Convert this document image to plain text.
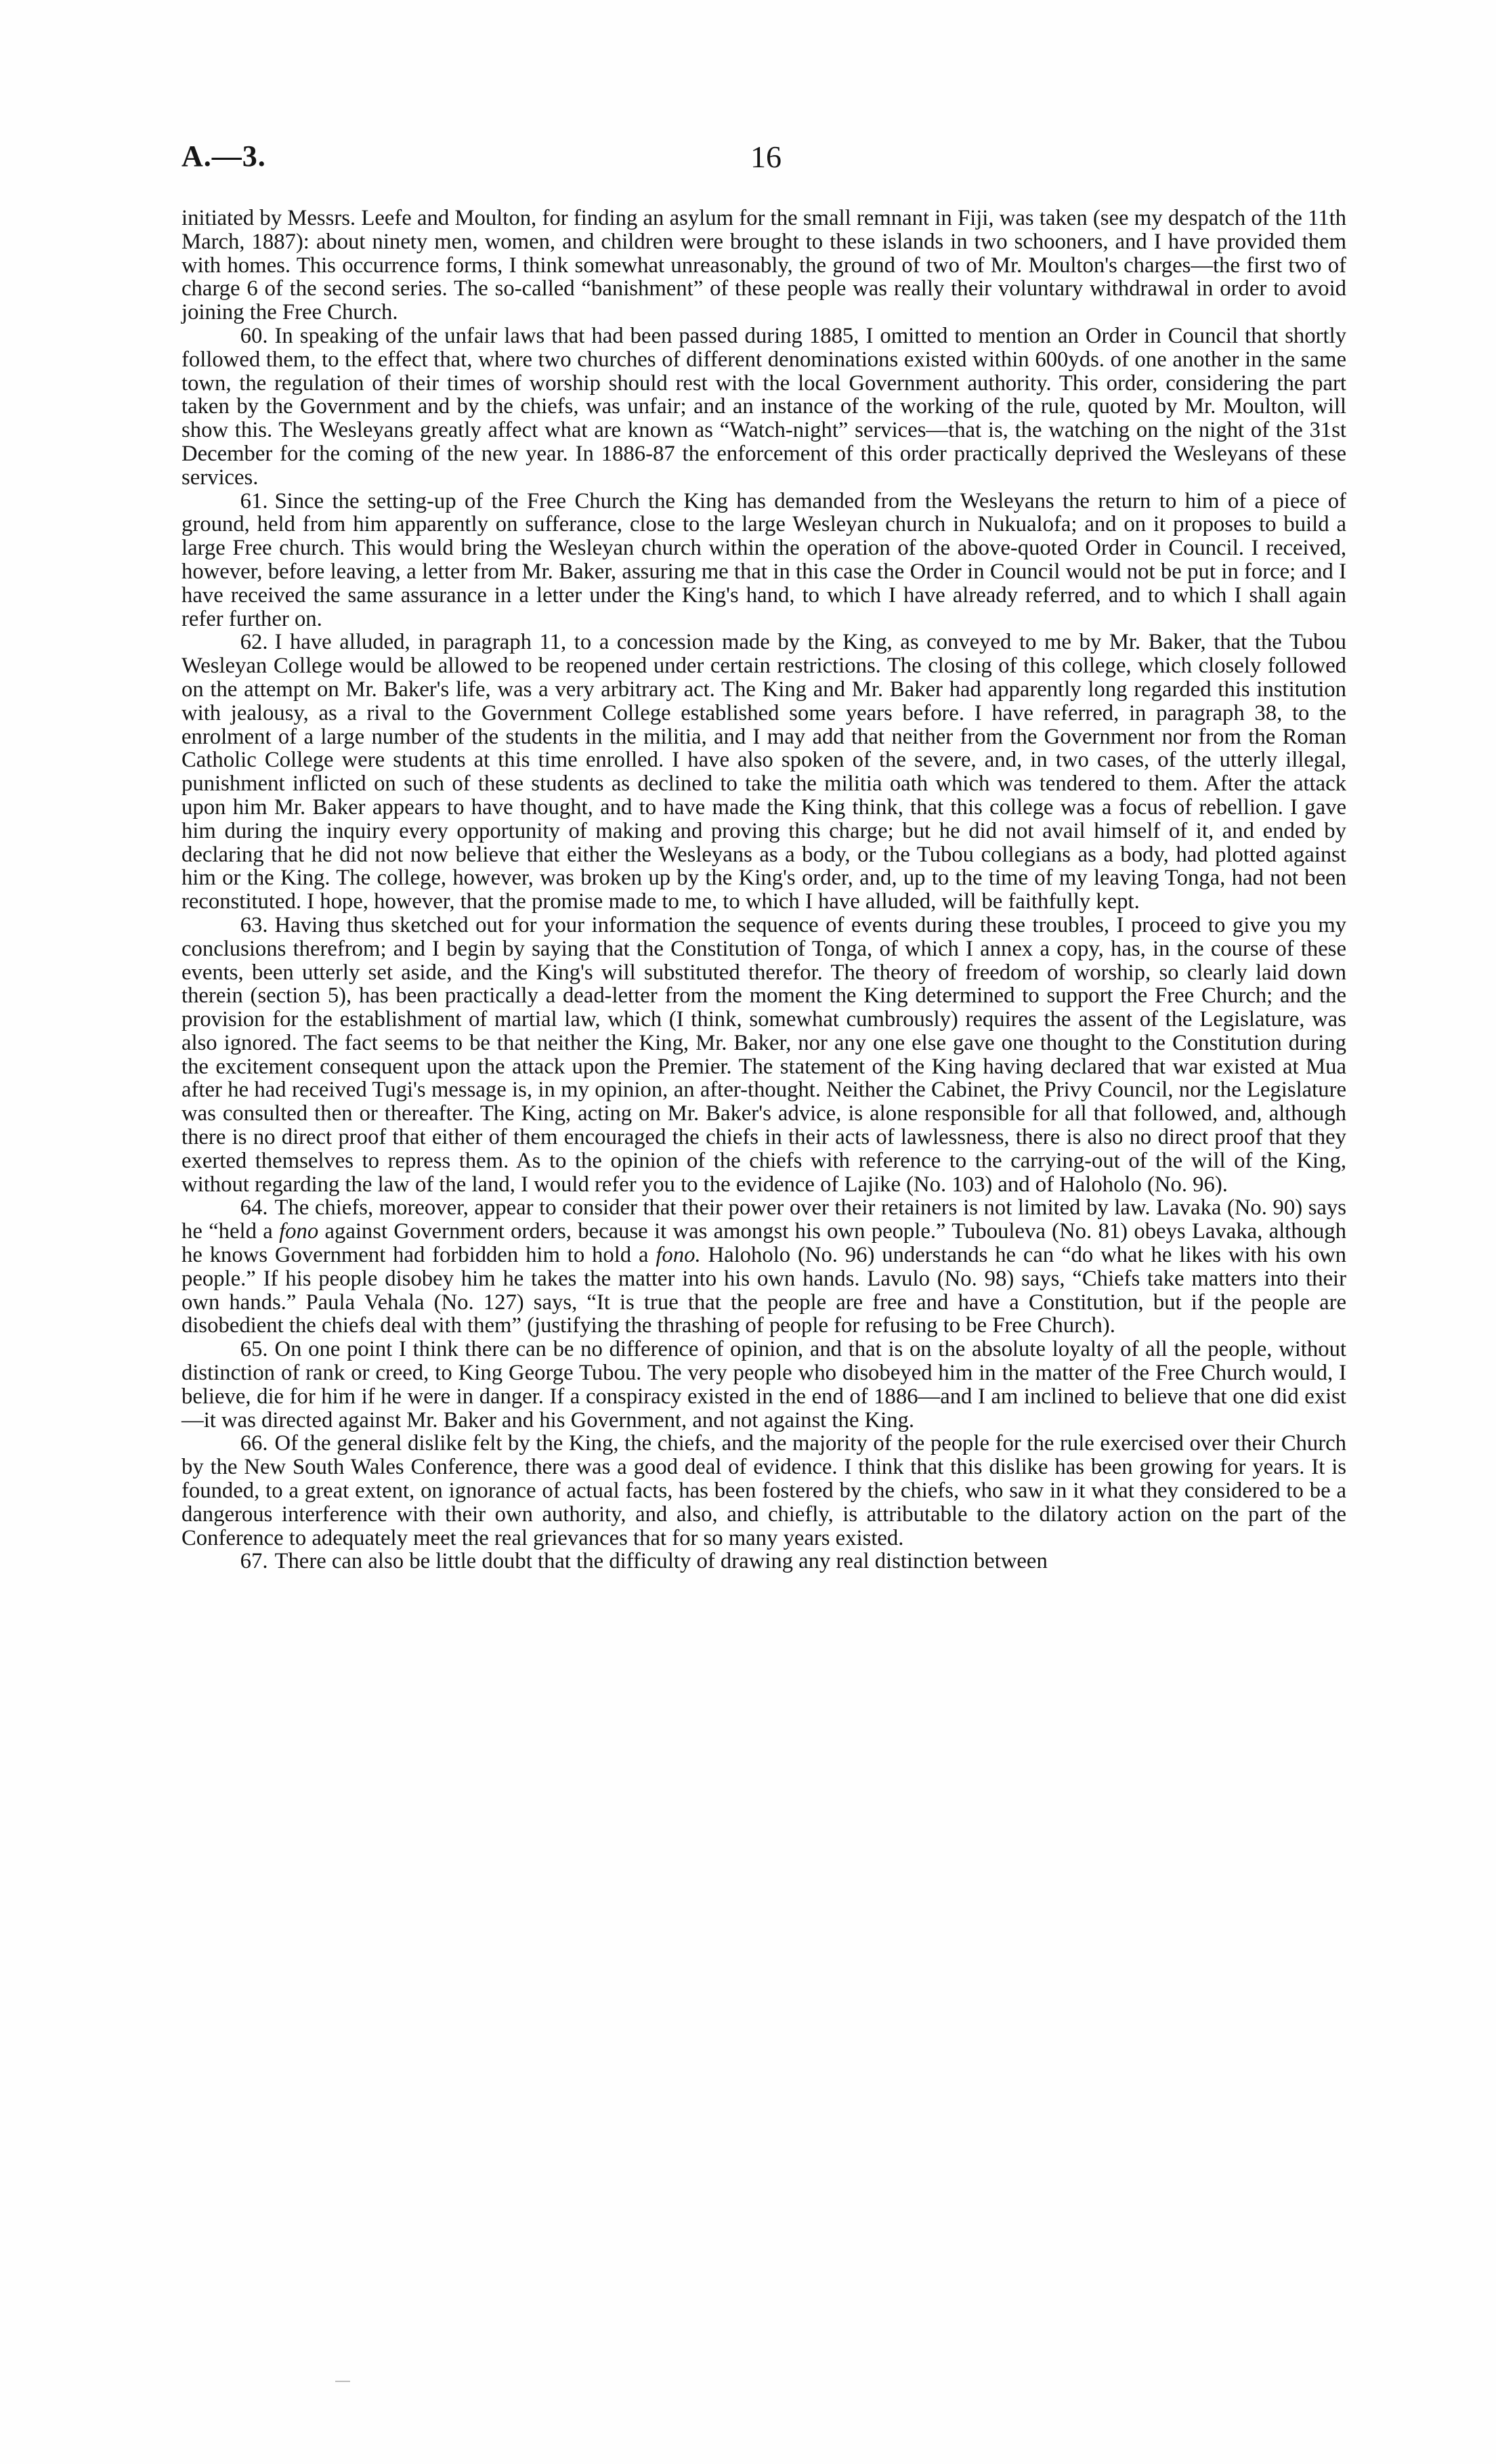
A.—3.	16

initiated by Messrs. Leefe and Moulton, for finding an asylum for the small remnant in Fiji, was taken (see my despatch of the 11th March, 1887): about ninety men, women, and children were brought to these islands in two schooners, and I have provided them with homes. This occurrence forms, I think somewhat unreasonably, the ground of two of Mr. Moulton's charges—the first two of charge 6 of the second series. The so-called “banishment” of these people was really their voluntary withdrawal in order to avoid joining the Free Church.

60. In speaking of the unfair laws that had been passed during 1885, I omitted to mention an Order in Council that shortly followed them, to the effect that, where two churches of different denominations existed within 600yds. of one another in the same town, the regulation of their times of worship should rest with the local Government authority. This order, considering the part taken by the Government and by the chiefs, was unfair; and an instance of the working of the rule, quoted by Mr. Moulton, will show this. The Wesleyans greatly affect what are known as “Watch-night” services—that is, the watching on the night of the 31st December for the coming of the new year. In 1886-87 the enforcement of this order practically deprived the Wesleyans of these services.

61. Since the setting-up of the Free Church the King has demanded from the Wesleyans the return to him of a piece of ground, held from him apparently on sufferance, close to the large Wesleyan church in Nukualofa; and on it proposes to build a large Free church. This would bring the Wesleyan church within the operation of the above-quoted Order in Council. I received, however, before leaving, a letter from Mr. Baker, assuring me that in this case the Order in Council would not be put in force; and I have received the same assurance in a letter under the King's hand, to which I have already referred, and to which I shall again refer further on.

62. I have alluded, in paragraph 11, to a concession made by the King, as conveyed to me by Mr. Baker, that the Tubou Wesleyan College would be allowed to be reopened under certain restrictions. The closing of this college, which closely followed on the attempt on Mr. Baker's life, was a very arbitrary act. The King and Mr. Baker had apparently long regarded this institution with jealousy, as a rival to the Government College established some years before. I have referred, in paragraph 38, to the enrolment of a large number of the students in the militia, and I may add that neither from the Government nor from the Roman Catholic College were students at this time enrolled. I have also spoken of the severe, and, in two cases, of the utterly illegal, punishment inflicted on such of these students as declined to take the militia oath which was tendered to them. After the attack upon him Mr. Baker appears to have thought, and to have made the King think, that this college was a focus of rebellion. I gave him during the inquiry every opportunity of making and proving this charge; but he did not avail himself of it, and ended by declaring that he did not now believe that either the Wesleyans as a body, or the Tubou collegians as a body, had plotted against him or the King. The college, however, was broken up by the King's order, and, up to the time of my leaving Tonga, had not been reconstituted. I hope, however, that the promise made to me, to which I have alluded, will be faithfully kept.

63. Having thus sketched out for your information the sequence of events during these troubles, I proceed to give you my conclusions therefrom; and I begin by saying that the Constitution of Tonga, of which I annex a copy, has, in the course of these events, been utterly set aside, and the King's will substituted therefor. The theory of freedom of worship, so clearly laid down therein (section 5), has been practically a dead-letter from the moment the King determined to support the Free Church; and the provision for the establishment of martial law, which (I think, somewhat cumbrously) requires the assent of the Legislature, was also ignored. The fact seems to be that neither the King, Mr. Baker, nor any one else gave one thought to the Constitution during the excitement consequent upon the attack upon the Premier. The statement of the King having declared that war existed at Mua after he had received Tugi's message is, in my opinion, an after-thought. Neither the Cabinet, the Privy Council, nor the Legislature was consulted then or thereafter. The King, acting on Mr. Baker's advice, is alone responsible for all that followed, and, although there is no direct proof that either of them encouraged the chiefs in their acts of lawlessness, there is also no direct proof that they exerted themselves to repress them. As to the opinion of the chiefs with reference to the carrying-out of the will of the King, without regarding the law of the land, I would refer you to the evidence of Lajike (No. 103) and of Haloholo (No. 96).

64. The chiefs, moreover, appear to consider that their power over their retainers is not limited by law. Lavaka (No. 90) says he “held a fono against Government orders, because it was amongst his own people.” Tubouleva (No. 81) obeys Lavaka, although he knows Government had forbidden him to hold a fono. Haloholo (No. 96) understands he can “do what he likes with his own people.” If his people disobey him he takes the matter into his own hands. Lavulo (No. 98) says, “Chiefs take matters into their own hands.” Paula Vehala (No. 127) says, “It is true that the people are free and have a Constitution, but if the people are disobedient the chiefs deal with them” (justifying the thrashing of people for refusing to be Free Church).

65. On one point I think there can be no difference of opinion, and that is on the absolute loyalty of all the people, without distinction of rank or creed, to King George Tubou. The very people who disobeyed him in the matter of the Free Church would, I believe, die for him if he were in danger. If a conspiracy existed in the end of 1886—and I am inclined to believe that one did exist—it was directed against Mr. Baker and his Government, and not against the King.

66. Of the general dislike felt by the King, the chiefs, and the majority of the people for the rule exercised over their Church by the New South Wales Conference, there was a good deal of evidence. I think that this dislike has been growing for years. It is founded, to a great extent, on ignorance of actual facts, has been fostered by the chiefs, who saw in it what they considered to be a dangerous interference with their own authority, and also, and chiefly, is attributable to the dilatory action on the part of the Conference to adequately meet the real grievances that for so many years existed.

67. There can also be little doubt that the difficulty of drawing any real distinction between
